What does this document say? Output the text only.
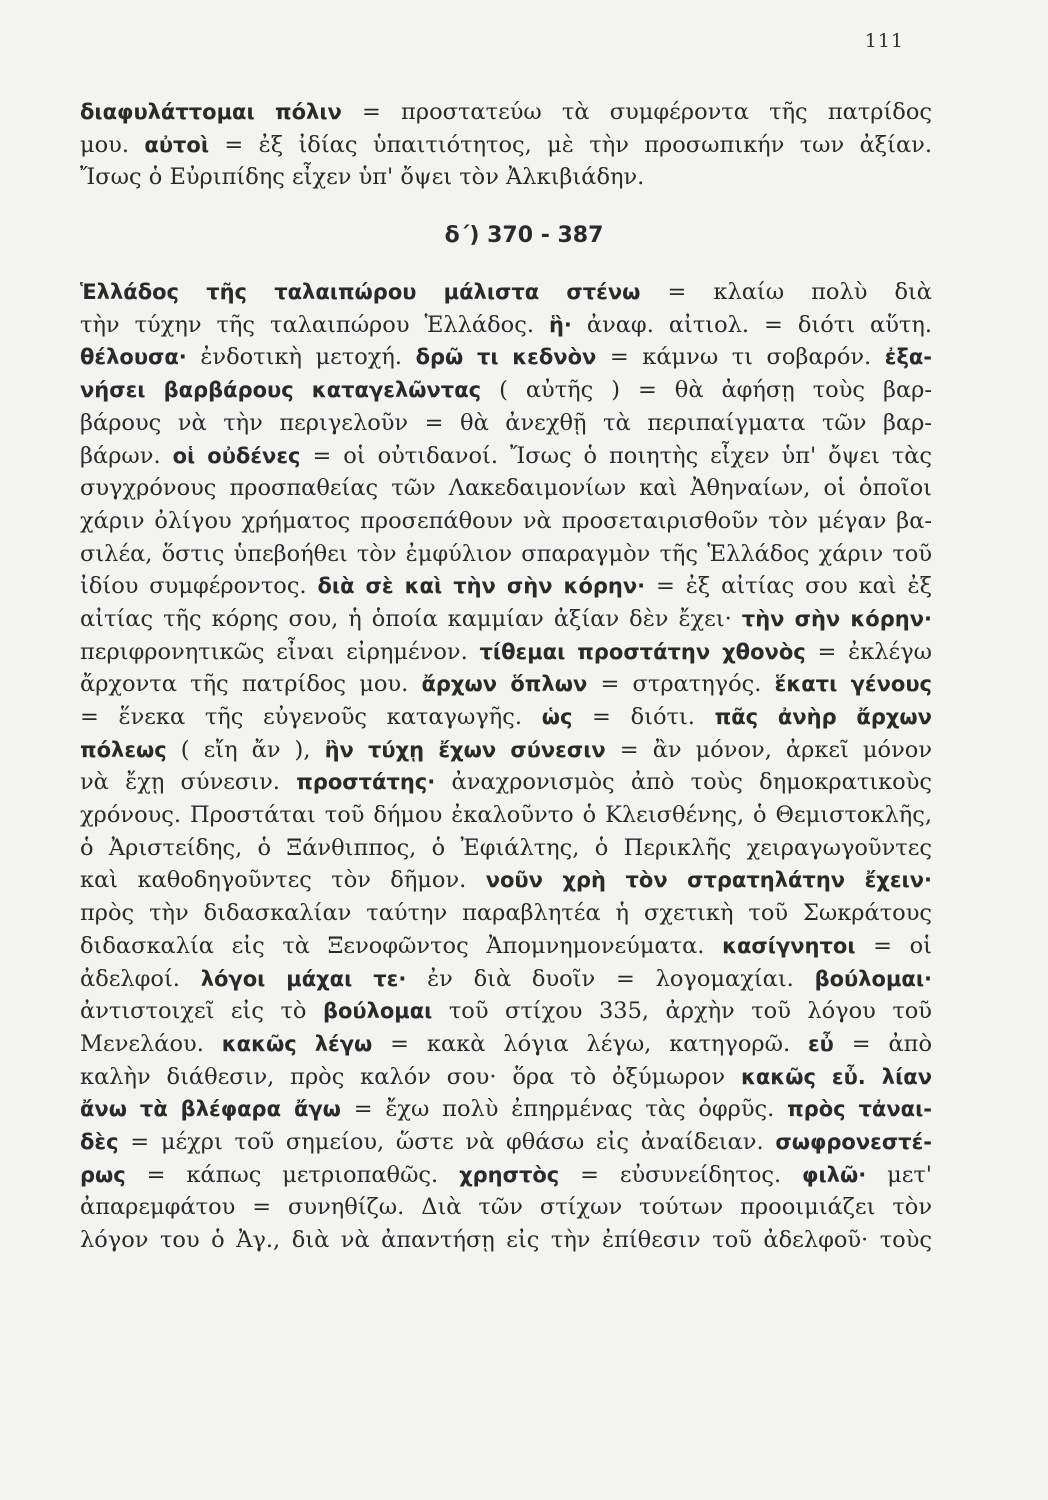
111
διαφυλάττομαι πόλιν = προστατεύω τὰ συμφέροντα τῆς πατρίδος
μου. αὐτοὶ = ἐξ ἰδίας ὑπαιτιότητος, μὲ τὴν προσωπικήν των ἀξίαν.
Ἴσως ὁ Εὐριπίδης εἶχεν ὑπ' ὄψει τὸν Ἀλκιβιάδην.
δ΄) 370 - 387
Ἑλλάδος τῆς ταλαιπώρου μάλιστα στένω = κλαίω πολὺ διὰ
τὴν τύχην τῆς ταλαιπώρου Ἑλλάδος. ἣ· ἀναφ. αἰτιολ. = διότι αὕτη.
θέλουσα· ἐνδοτικὴ μετοχή. δρῶ τι κεδνὸν = κάμνω τι σοβαρόν. ἐξα-
νήσει βαρβάρους καταγελῶντας ( αὐτῆς ) = θὰ ἀφήσῃ τοὺς βαρ-
βάρους νὰ τὴν περιγελοῦν = θὰ ἀνεχθῇ τὰ περιπαίγματα τῶν βαρ-
βάρων. οἱ οὐδένες = οἱ οὐτιδανοί. Ἴσως ὁ ποιητὴς εἶχεν ὑπ' ὄψει τὰς
συγχρόνους προσπαθείας τῶν Λακεδαιμονίων καὶ Ἀθηναίων, οἱ ὁποῖοι
χάριν ὀλίγου χρήματος προσεπάθουν νὰ προσεταιρισθοῦν τὸν μέγαν βα-
σιλέα, ὅστις ὑπεβοήθει τὸν ἐμφύλιον σπαραγμὸν τῆς Ἑλλάδος χάριν τοῦ
ἰδίου συμφέροντος. διὰ σὲ καὶ τὴν σὴν κόρην· = ἐξ αἰτίας σου καὶ ἐξ
αἰτίας τῆς κόρης σου, ἡ ὁποία καμμίαν ἀξίαν δὲν ἔχει· τὴν σὴν κόρην·
περιφρονητικῶς εἶναι εἰρημένον. τίθεμαι προστάτην χθονὸς = ἐκλέγω
ἄρχοντα τῆς πατρίδος μου. ἄρχων ὅπλων = στρατηγός. ἕκατι γένους
= ἕνεκα τῆς εὐγενοῦς καταγωγῆς. ὡς = διότι. πᾶς ἀνὴρ ἄρχων
πόλεως ( εἴη ἄν ), ἢν τύχῃ ἔχων σύνεσιν = ἂν μόνον, ἀρκεῖ μόνον
νὰ ἔχῃ σύνεσιν. προστάτης· ἀναχρονισμὸς ἀπὸ τοὺς δημοκρατικοὺς
χρόνους. Προστάται τοῦ δήμου ἐκαλοῦντο ὁ Κλεισθένης, ὁ Θεμιστοκλῆς,
ὁ Ἀριστείδης, ὁ Ξάνθιππος, ὁ Ἐφιάλτης, ὁ Περικλῆς χειραγωγοῦντες
καὶ καθοδηγοῦντες τὸν δῆμον. νοῦν χρὴ τὸν στρατηλάτην ἔχειν·
πρὸς τὴν διδασκαλίαν ταύτην παραβλητέα ἡ σχετικὴ τοῦ Σωκράτους
διδασκαλία εἰς τὰ Ξενοφῶντος Ἀπομνημονεύματα. κασίγνητοι = οἱ
ἀδελφοί. λόγοι μάχαι τε· ἐν διὰ δυοῖν = λογομαχίαι. βούλομαι·
ἀντιστοιχεῖ εἰς τὸ βούλομαι τοῦ στίχου 335, ἀρχὴν τοῦ λόγου τοῦ
Μενελάου. κακῶς λέγω = κακὰ λόγια λέγω, κατηγορῶ. εὖ = ἀπὸ
καλὴν διάθεσιν, πρὸς καλόν σου· ὅρα τὸ ὀξύμωρον κακῶς εὖ. λίαν
ἄνω τὰ βλέφαρα ἄγω = ἔχω πολὺ ἐπηρμένας τὰς ὀφρῦς. πρὸς τἀναι-
δὲς = μέχρι τοῦ σημείου, ὥστε νὰ φθάσω εἰς ἀναίδειαν. σωφρονεστέ-
ρως = κάπως μετριοπαθῶς. χρηστὸς = εὐσυνείδητος. φιλῶ· μετ'
ἀπαρεμφάτου = συνηθίζω. Διὰ τῶν στίχων τούτων προοιμιάζει τὸν
λόγον του ὁ Ἀγ., διὰ νὰ ἀπαντήσῃ εἰς τὴν ἐπίθεσιν τοῦ ἀδελφοῦ· τοὺς
